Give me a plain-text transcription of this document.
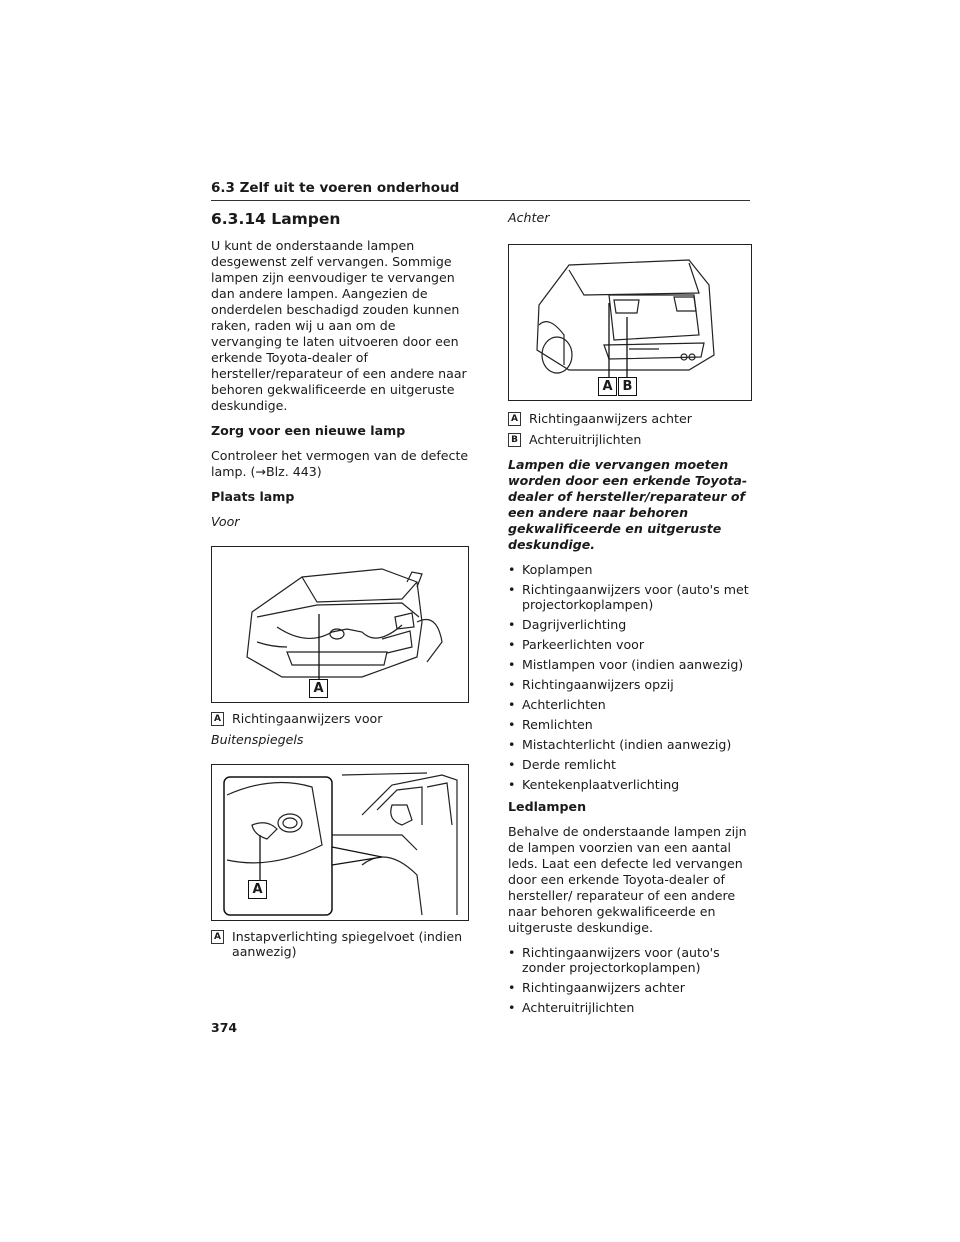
6.3 Zelf uit te voeren onderhoud
6.3.14 Lampen

U kunt de onderstaande lampen desgewenst zelf vervangen. Sommige lampen zijn eenvoudiger te vervangen dan andere lampen. Aangezien de onderdelen beschadigd zouden kunnen raken, raden wij u aan om de vervanging te laten uitvoeren door een erkende Toyota-dealer of hersteller/reparateur of een andere naar behoren gekwalificeerde en uitgeruste deskundige.

Zorg voor een nieuwe lamp

Controleer het vermogen van de defecte lamp. (→Blz. 443)

Plaats lamp

Voor

A
A Richtingaanwijzers voor

Buitenspiegels

A
A Instapverlichting spiegelvoet (indien aanwezig)

Achter

A B
A Richtingaanwijzers achter
B Achteruitrijlichten

Lampen die vervangen moeten worden door een erkende Toyota-dealer of hersteller/reparateur of een andere naar behoren gekwalificeerde en uitgeruste deskundige.

• Koplampen
• Richtingaanwijzers voor (auto's met projectorkoplampen)
• Dagrijverlichting
• Parkeerlichten voor
• Mistlampen voor (indien aanwezig)
• Richtingaanwijzers opzij
• Achterlichten
• Remlichten
• Mistachterlicht (indien aanwezig)
• Derde remlicht
• Kentekenplaatverlichting

Ledlampen

Behalve de onderstaande lampen zijn de lampen voorzien van een aantal leds. Laat een defecte led vervangen door een erkende Toyota-dealer of hersteller/ reparateur of een andere naar behoren gekwalificeerde en uitgeruste deskundige.

• Richtingaanwijzers voor (auto's zonder projectorkoplampen)
• Richtingaanwijzers achter
• Achteruitrijlichten
374
